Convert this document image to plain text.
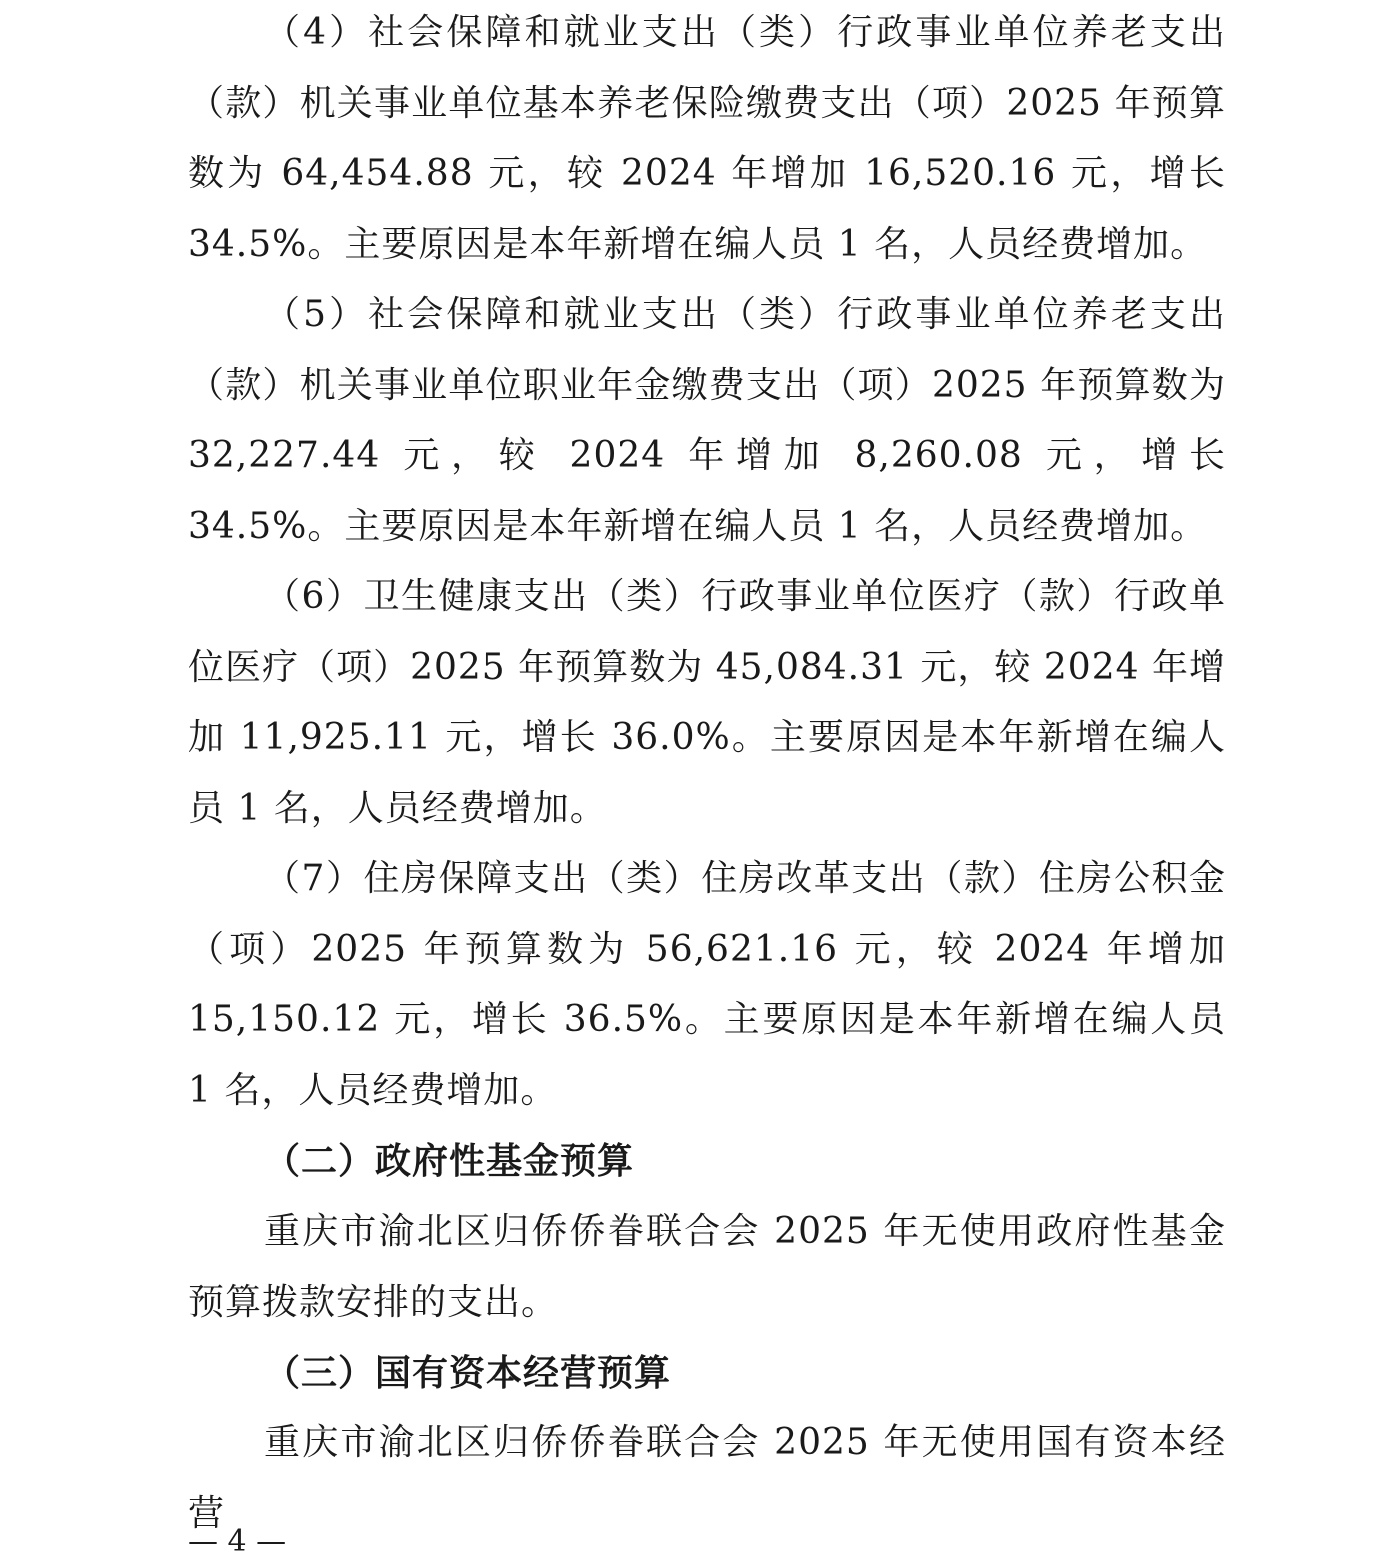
（4）社会保障和就业支出（类）行政事业单位养老支出（款）机关事业单位基本养老保险缴费支出（项）2025 年预算数为 64,454.88 元，较 2024 年增加 16,520.16 元，增长 34.5%。主要原因是本年新增在编人员 1 名，人员经费增加。

（5）社会保障和就业支出（类）行政事业单位养老支出（款）机关事业单位职业年金缴费支出（项）2025 年预算数为 32,227.44 元，较 2024 年增加 8,260.08 元，增长 34.5%。主要原因是本年新增在编人员 1 名，人员经费增加。

（6）卫生健康支出（类）行政事业单位医疗（款）行政单位医疗（项）2025 年预算数为 45,084.31 元，较 2024 年增加 11,925.11 元，增长 36.0%。主要原因是本年新增在编人员 1 名，人员经费增加。

（7）住房保障支出（类）住房改革支出（款）住房公积金（项）2025 年预算数为 56,621.16 元，较 2024 年增加 15,150.12 元，增长 36.5%。主要原因是本年新增在编人员 1 名，人员经费增加。

（二）政府性基金预算

重庆市渝北区归侨侨眷联合会 2025 年无使用政府性基金预算拨款安排的支出。

（三）国有资本经营预算

重庆市渝北区归侨侨眷联合会 2025 年无使用国有资本经营

— 4 —
